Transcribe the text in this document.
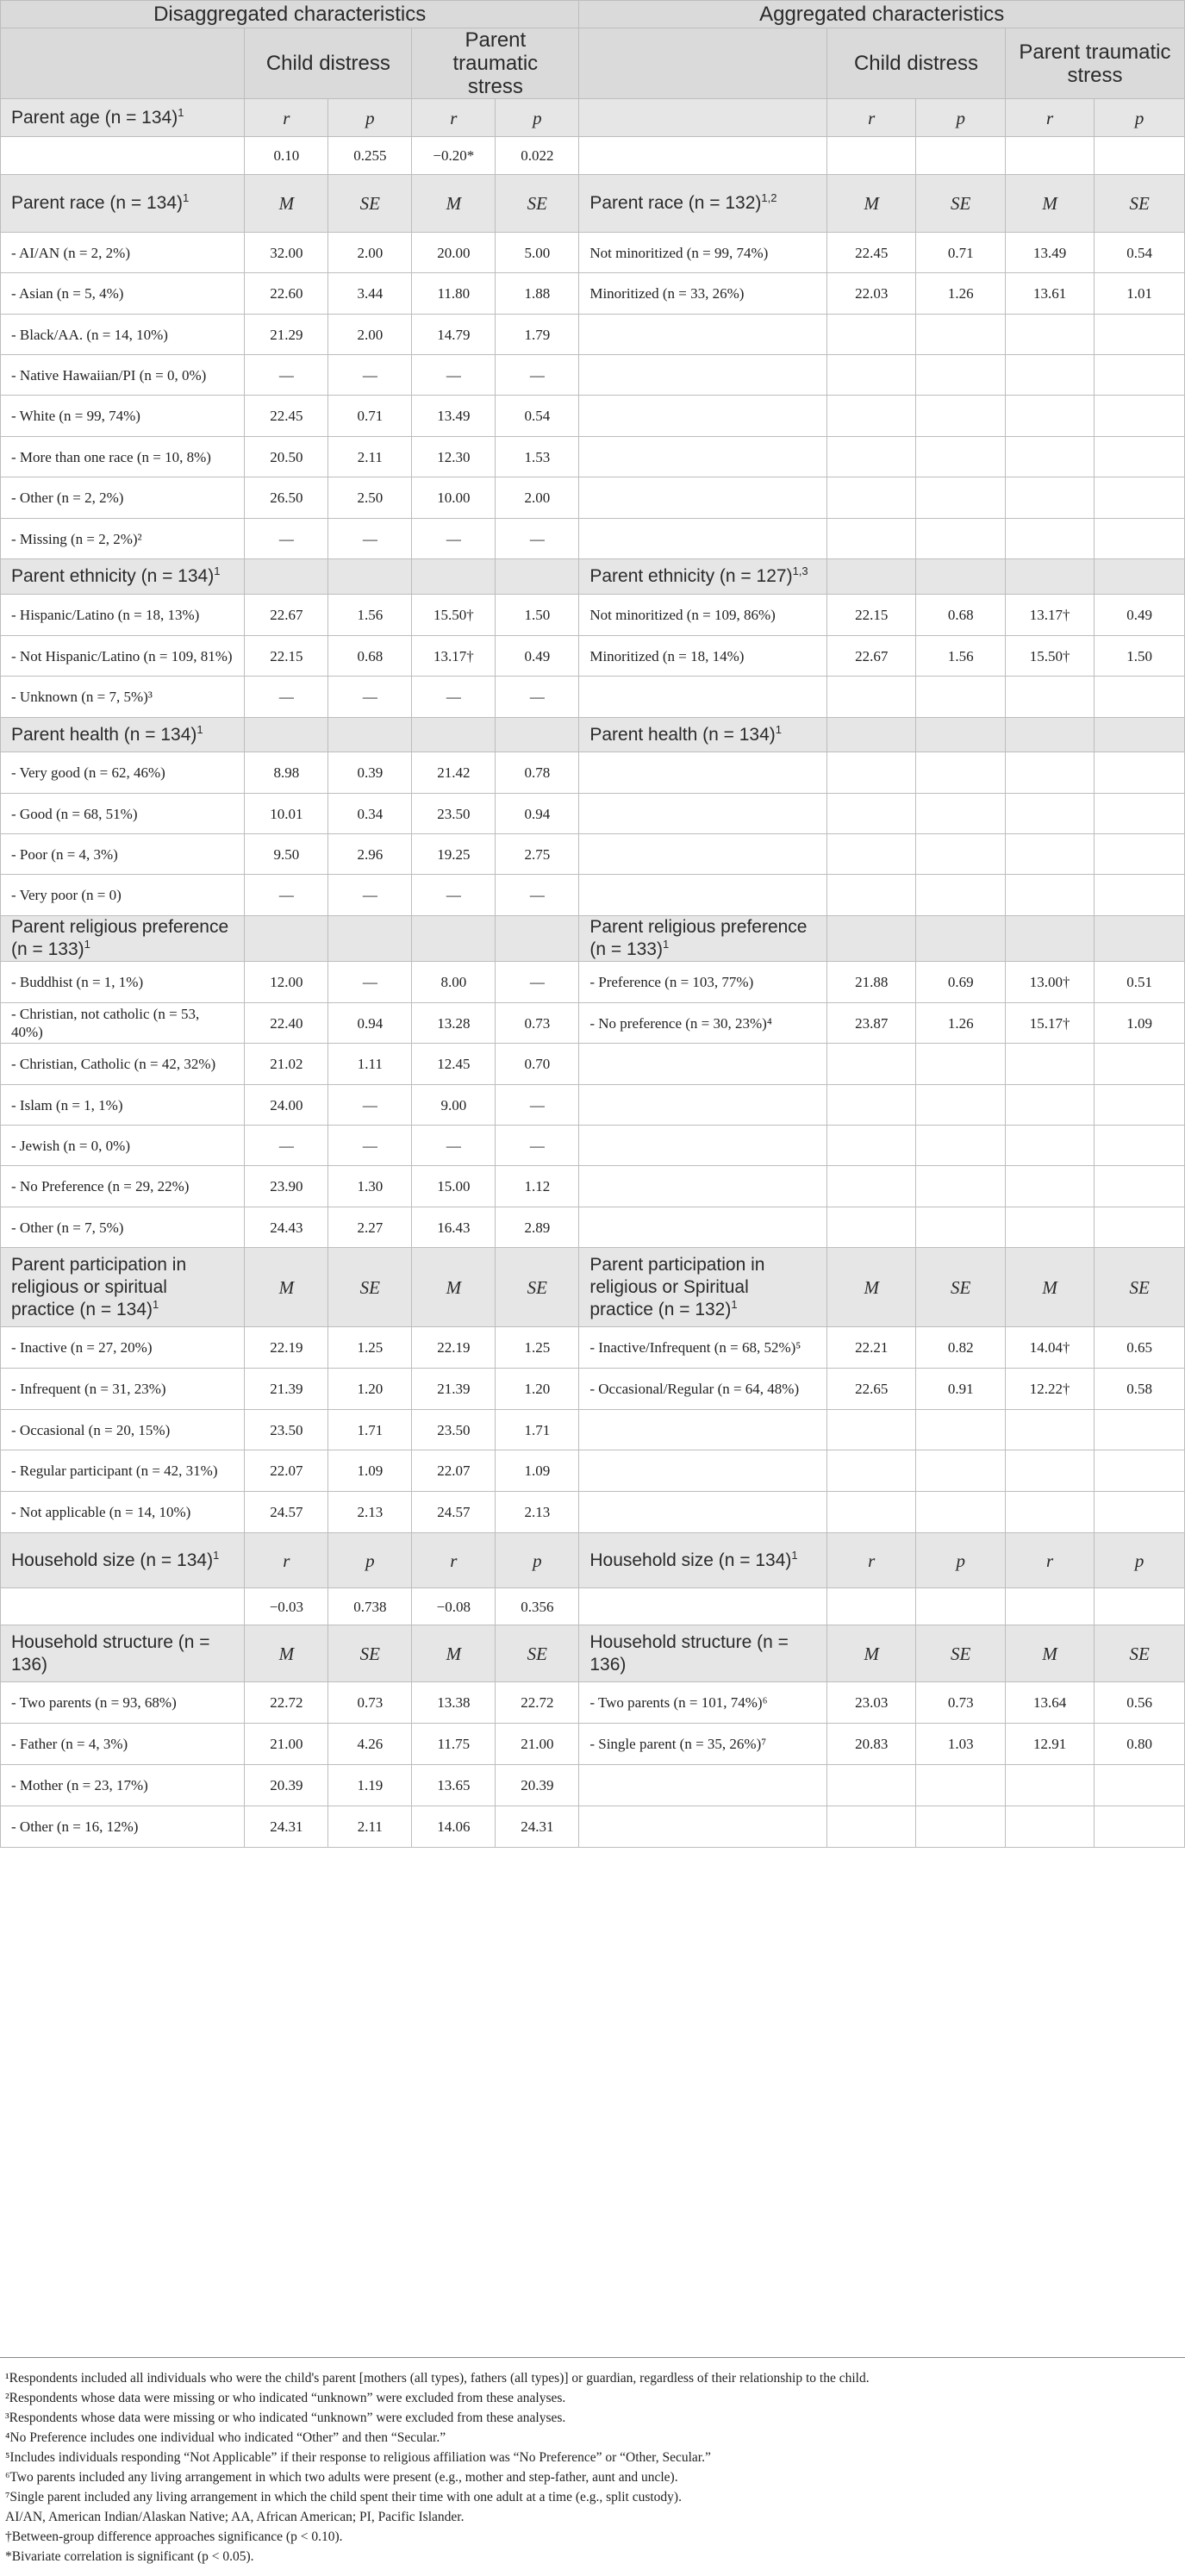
Disaggregated characteristics					Aggregated characteristics				
	Child distress		Parent traumatic stress			Child distress		Parent traumatic stress	
Parent age (n = 134)$^1$	r	p	r	p		r	p	r	p
	0.10	0.255	−0.20*	0.022					
Parent race (n = 134)$^1$	M	SE	M	SE	Parent race (n = 132)$^{1,2}$	M	SE	M	SE
- AI/AN (n = 2, 2%)	32.00	2.00	20.00	5.00	Not minoritized (n = 99, 74%)	22.45	0.71	13.49	0.54
- Asian (n = 5, 4%)	22.60	3.44	11.80	1.88	Minoritized (n = 33, 26%)	22.03	1.26	13.61	1.01
- Black/AA. (n = 14, 10%)	21.29	2.00	14.79	1.79					
- Native Hawaiian/PI (n = 0, 0%)	—	—	—	—					
- White (n = 99, 74%)	22.45	0.71	13.49	0.54					
- More than one race (n = 10, 8%)	20.50	2.11	12.30	1.53					
- Other (n = 2, 2%)	26.50	2.50	10.00	2.00					
- Missing (n = 2, 2%)²	—	—	—	—					
Parent ethnicity (n = 134)$^1$					Parent ethnicity (n = 127)$^{1,3}$				
- Hispanic/Latino (n = 18, 13%)	22.67	1.56	15.50†	1.50	Not minoritized (n = 109, 86%)	22.15	0.68	13.17†	0.49
- Not Hispanic/Latino (n = 109, 81%)	22.15	0.68	13.17†	0.49	Minoritized (n = 18, 14%)	22.67	1.56	15.50†	1.50
- Unknown (n = 7, 5%)³	—	—	—	—					
Parent health (n = 134)$^1$					Parent health (n = 134)$^1$				
- Very good (n = 62, 46%)	8.98	0.39	21.42	0.78					
- Good (n = 68, 51%)	10.01	0.34	23.50	0.94					
- Poor (n = 4, 3%)	9.50	2.96	19.25	2.75					
- Very poor (n = 0)	—	—	—	—					
Parent religious preference (n = 133)$^1$					Parent religious preference (n = 133)$^1$				
- Buddhist (n = 1, 1%)	12.00	—	8.00	—	- Preference (n = 103, 77%)	21.88	0.69	13.00†	0.51
- Christian, not catholic (n = 53, 40%)	22.40	0.94	13.28	0.73	- No preference (n = 30, 23%)⁴	23.87	1.26	15.17†	1.09
- Christian, Catholic (n = 42, 32%)	21.02	1.11	12.45	0.70					
- Islam (n = 1, 1%)	24.00	—	9.00	—					
- Jewish (n = 0, 0%)	—	—	—	—					
- No Preference (n = 29, 22%)	23.90	1.30	15.00	1.12					
- Other (n = 7, 5%)	24.43	2.27	16.43	2.89					
Parent participation in religious or spiritual practice (n = 134)$^1$	M	SE	M	SE	Parent participation in religious or Spiritual practice (n = 132)$^1$	M	SE	M	SE
- Inactive (n = 27, 20%)	22.19	1.25	22.19	1.25	- Inactive/Infrequent (n = 68, 52%)⁵	22.21	0.82	14.04†	0.65
- Infrequent (n = 31, 23%)	21.39	1.20	21.39	1.20	- Occasional/Regular (n = 64, 48%)	22.65	0.91	12.22†	0.58
- Occasional (n = 20, 15%)	23.50	1.71	23.50	1.71					
- Regular participant (n = 42, 31%)	22.07	1.09	22.07	1.09					
- Not applicable (n = 14, 10%)	24.57	2.13	24.57	2.13					
Household size (n = 134)$^1$	r	p	r	p	Household size (n = 134)$^1$	r	p	r	p
	−0.03	0.738	−0.08	0.356					
Household structure (n = 136)	M	SE	M	SE	Household structure (n = 136)	M	SE	M	SE
- Two parents (n = 93, 68%)	22.72	0.73	13.38	22.72	- Two parents (n = 101, 74%)⁶	23.03	0.73	13.64	0.56
- Father (n = 4, 3%)	21.00	4.26	11.75	21.00	- Single parent (n = 35, 26%)⁷	20.83	1.03	12.91	0.80
- Mother (n = 23, 17%)	20.39	1.19	13.65	20.39					
- Other (n = 16, 12%)	24.31	2.11	14.06	24.31					
¹Respondents included all individuals who were the child's parent [mothers (all types), fathers (all types)] or guardian, regardless of their relationship to the child.
²Respondents whose data were missing or who indicated “unknown” were excluded from these analyses.
³Respondents whose data were missing or who indicated “unknown” were excluded from these analyses.
⁴No Preference includes one individual who indicated “Other” and then “Secular.”
⁵Includes individuals responding “Not Applicable” if their response to religious affiliation was “No Preference” or “Other, Secular.”
⁶Two parents included any living arrangement in which two adults were present (e.g., mother and step-father, aunt and uncle).
⁷Single parent included any living arrangement in which the child spent their time with one adult at a time (e.g., split custody).
AI/AN, American Indian/Alaskan Native; AA, African American; PI, Pacific Islander.
†Between-group difference approaches significance (p < 0.10).
*Bivariate correlation is significant (p < 0.05).
